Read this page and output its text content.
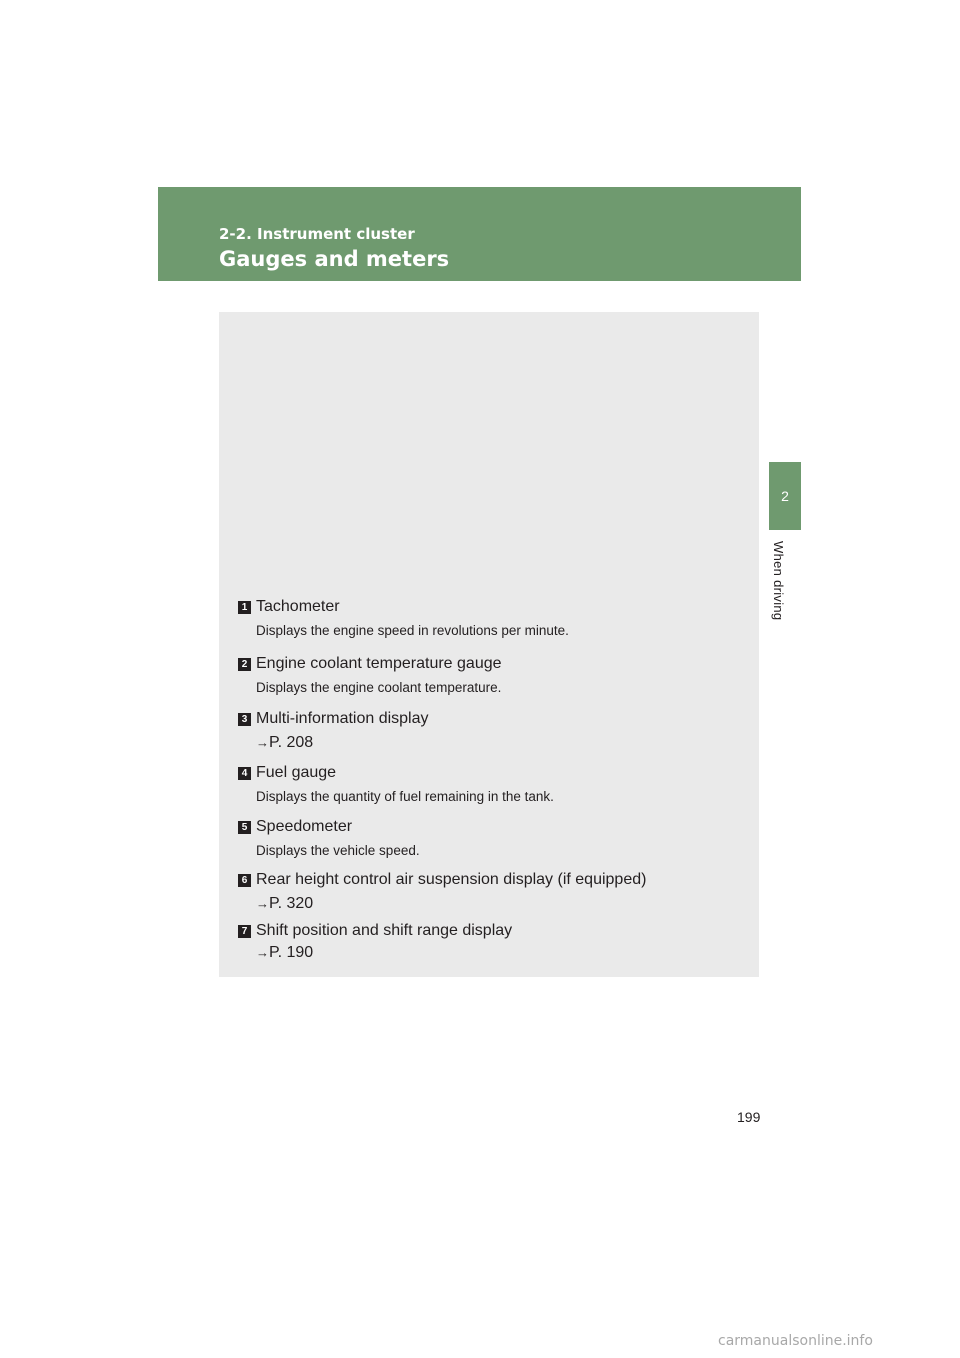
2-2. Instrument cluster
Gauges and meters
2
When driving
1 Tachometer
Displays the engine speed in revolutions per minute.
2 Engine coolant temperature gauge
Displays the engine coolant temperature.
3 Multi-information display
→P. 208
4 Fuel gauge
Displays the quantity of fuel remaining in the tank.
5 Speedometer
Displays the vehicle speed.
6 Rear height control air suspension display (if equipped)
→P. 320
7 Shift position and shift range display
→P. 190
199
carmanualsonline.info
